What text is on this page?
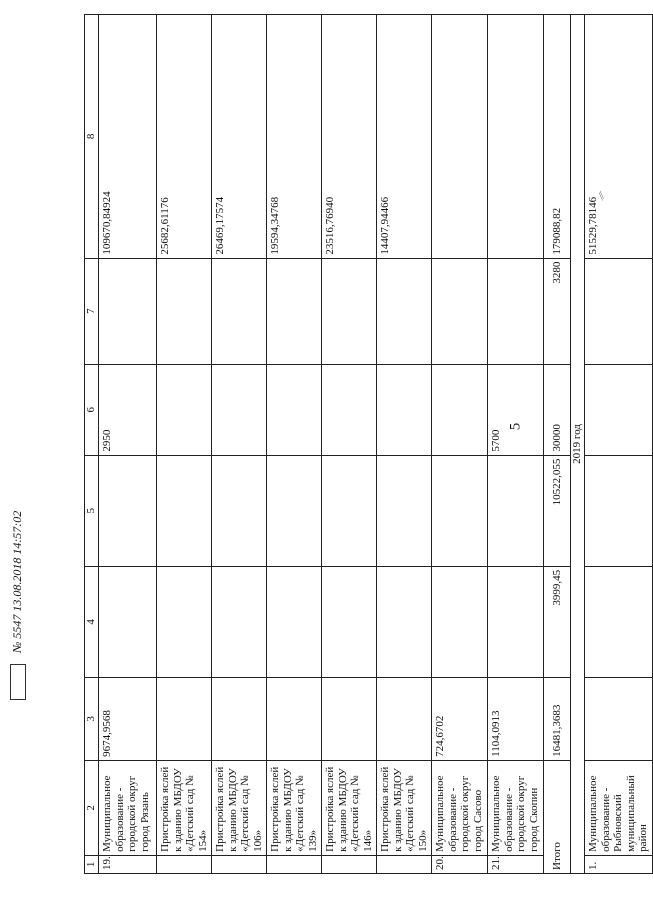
5
1	2	3	4	5	6	7	8
19.	Муниципальное образование - городской округ город Рязань	9674,9568			2950		109670,84924
	Пристройка яслей к зданию МБДОУ «Детский сад № 154»						25682,61176
	Пристройка яслей к зданию МБДОУ «Детский сад № 106»						26469,17574
	Пристройка яслей к зданию МБДОУ «Детский сад № 139»						19594,34768
	Пристройка яслей к зданию МБДОУ «Детский сад № 146»						23516,76940
	Пристройка яслей к зданию МБДОУ «Детский сад № 150»						14407,94466
20.	Муниципальное образование - городской округ город Сасово	724,6702					
21.	Муниципальное образование - городской округ город Скопин	1104,0913			5700		
Итого		16481,3683	3999,45	10522,055	30000	3280	179088,82
2019 год							
1.	Муниципальное образование - Рыбновский муниципальный район						51529,78146
№ 5547 13.08.2018 14:57:02
⁄⁄
